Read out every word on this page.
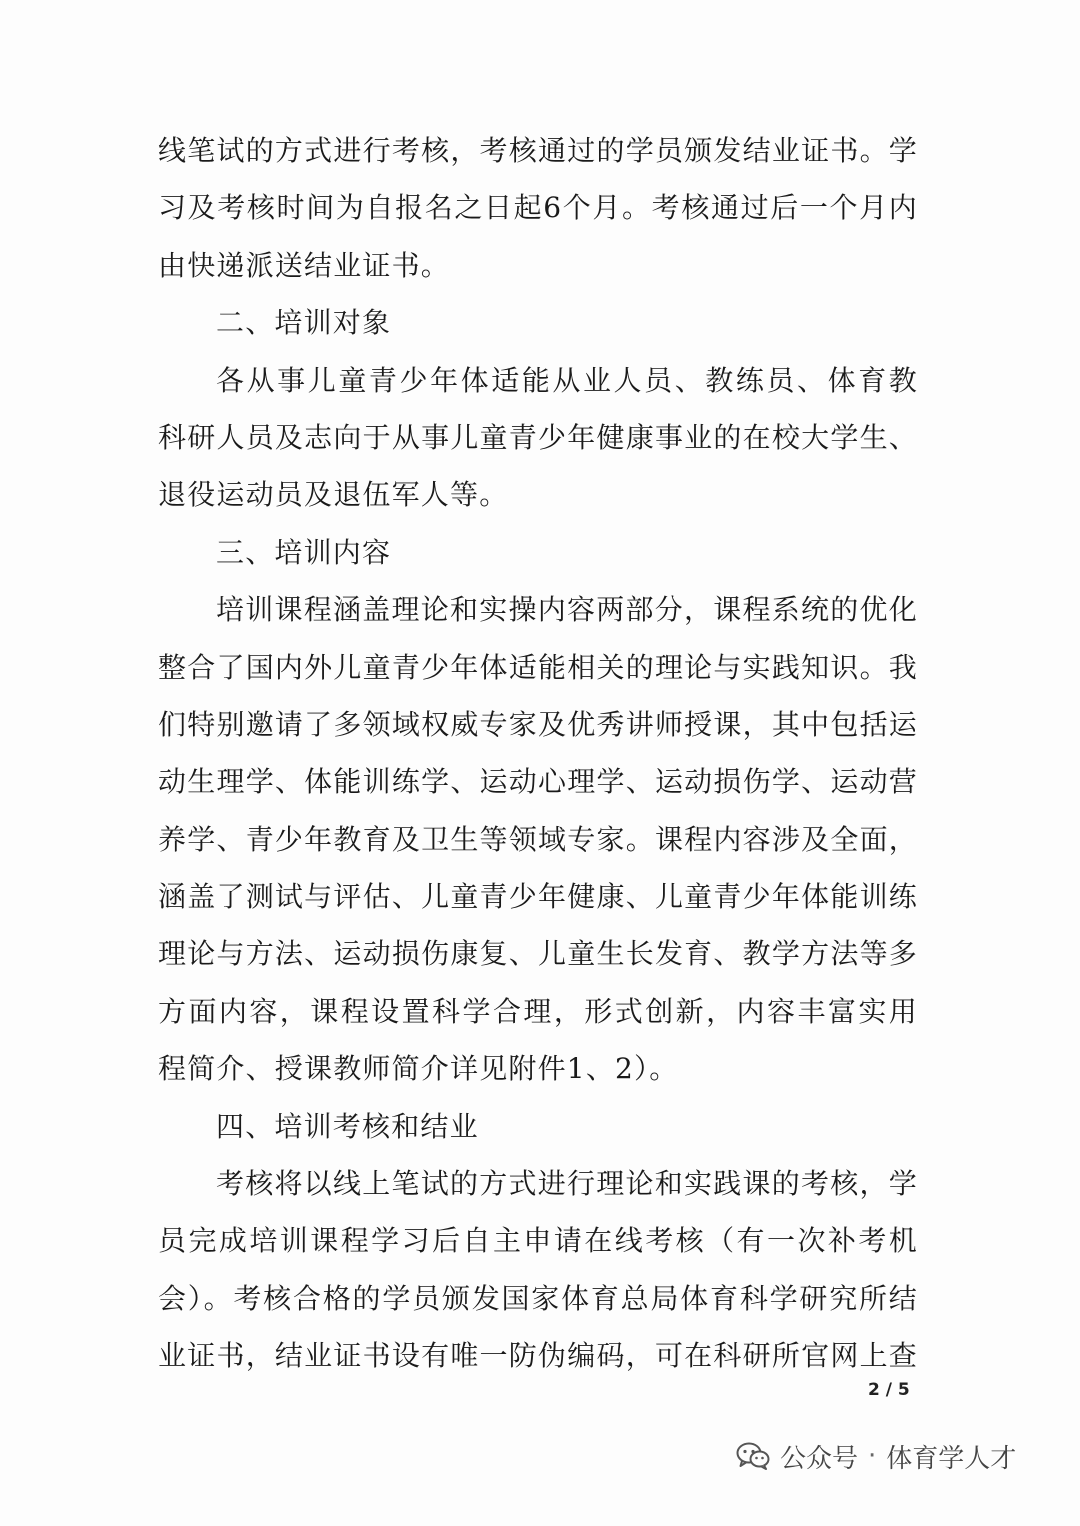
线笔试的方式进行考核，考核通过的学员颁发结业证书。学
习及考核时间为自报名之日起6个月。考核通过后一个月内
由快递派送结业证书。
二、培训对象
各从事儿童青少年体适能从业人员、教练员、体育教
科研人员及志向于从事儿童青少年健康事业的在校大学生、
退役运动员及退伍军人等。
三、培训内容
培训课程涵盖理论和实操内容两部分，课程系统的优化
整合了国内外儿童青少年体适能相关的理论与实践知识。我
们特别邀请了多领域权威专家及优秀讲师授课，其中包括运
动生理学、体能训练学、运动心理学、运动损伤学、运动营
养学、青少年教育及卫生等领域专家。课程内容涉及全面，
涵盖了测试与评估、儿童青少年健康、儿童青少年体能训练
理论与方法、运动损伤康复、儿童生长发育、教学方法等多
方面内容，课程设置科学合理，形式创新，内容丰富实用
程简介、授课教师简介详见附件1、2）。
四、培训考核和结业
考核将以线上笔试的方式进行理论和实践课的考核，学
员完成培训课程学习后自主申请在线考核（有一次补考机
会）。考核合格的学员颁发国家体育总局体育科学研究所结
业证书，结业证书设有唯一防伪编码，可在科研所官网上查
2 / 5
公众号 · 体育学人才
